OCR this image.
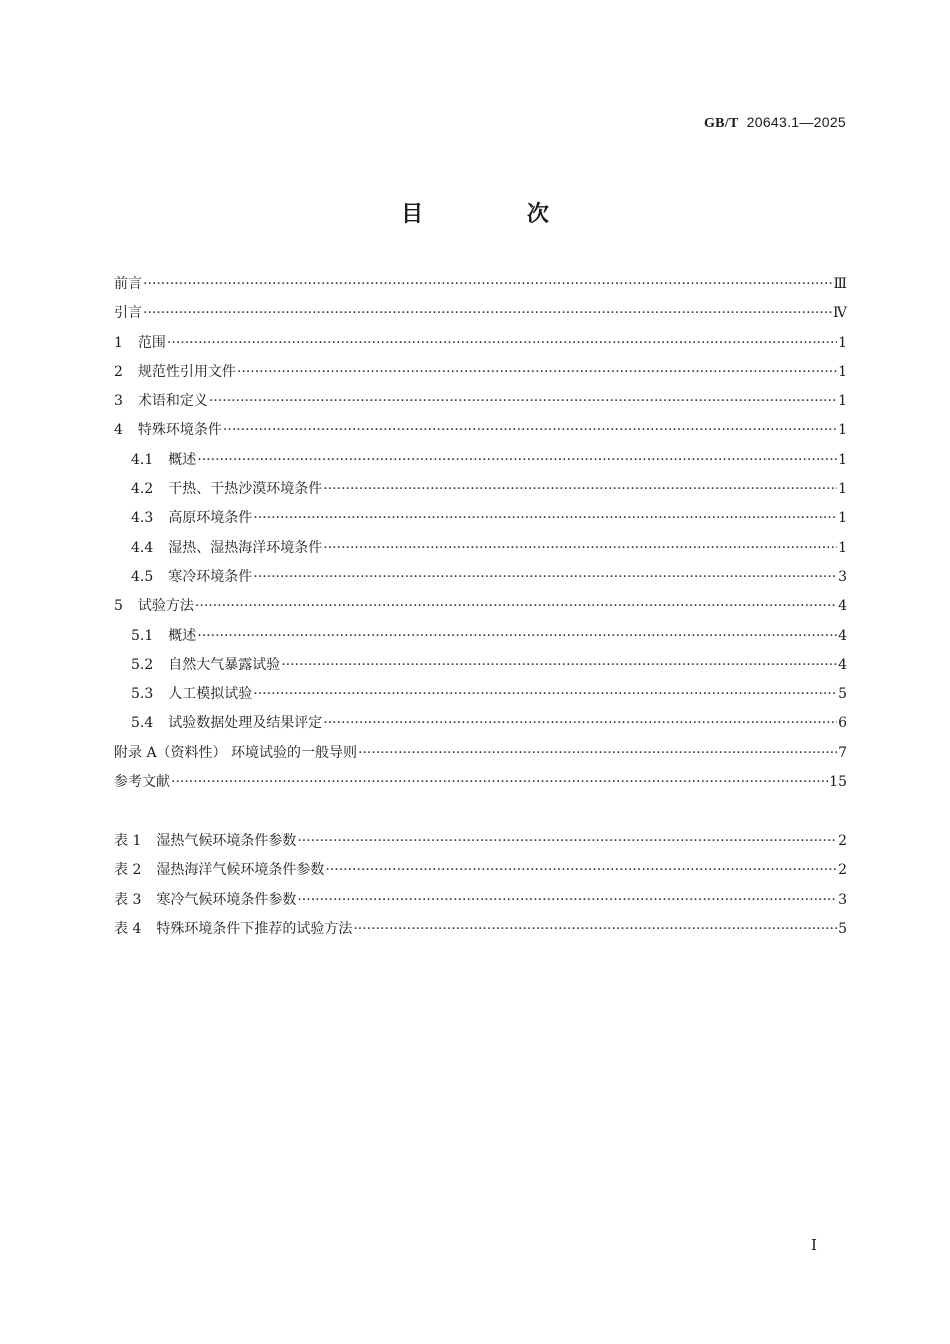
GB/T 20643.1—2025
目 次
前言 ·····	Ⅲ
引言 ·····	Ⅳ
1 范围 ·····	1
2 规范性引用文件 ·····	1
3 术语和定义 ·····	1
4 特殊环境条件 ·····	1
4.1 概述 ·····	1
4.2 干热、干热沙漠环境条件 ·····	1
4.3 高原环境条件 ·····	1
4.4 湿热、湿热海洋环境条件 ·····	1
4.5 寒冷环境条件 ·····	3
5 试验方法 ·····	4
5.1 概述 ·····	4
5.2 自然大气暴露试验 ·····	4
5.3 人工模拟试验 ·····	5
5.4 试验数据处理及结果评定 ·····	6
附录 A（资料性） 环境试验的一般导则 ·····	7
参考文献 ·····	15
表 1 湿热气候环境条件参数 ·····	2
表 2 湿热海洋气候环境条件参数 ·····	2
表 3 寒冷气候环境条件参数 ·····	3
表 4 特殊环境条件下推荐的试验方法 ·····	5
I
